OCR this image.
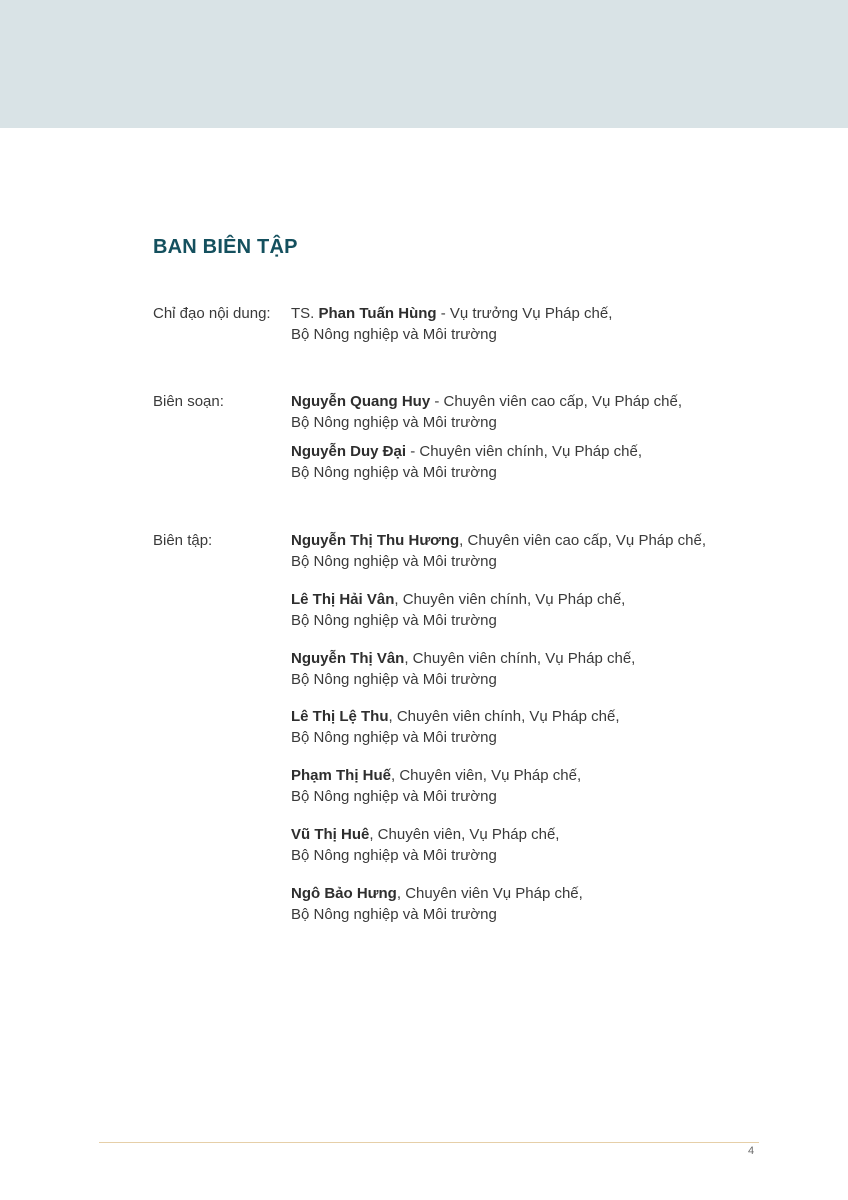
BAN BIÊN TẬP
Chỉ đạo nội dung: TS. Phan Tuấn Hùng - Vụ trưởng Vụ Pháp chế,
Bộ Nông nghiệp và Môi trường
Biên soạn:	Nguyễn Quang Huy - Chuyên viên cao cấp, Vụ Pháp chế,
Bộ Nông nghiệp và Môi trường
Nguyễn Duy Đại - Chuyên viên chính, Vụ Pháp chế,
Bộ Nông nghiệp và Môi trường
Biên tập:	Nguyễn Thị Thu Hương, Chuyên viên cao cấp, Vụ Pháp chế,
Bộ Nông nghiệp và Môi trường
Lê Thị Hải Vân, Chuyên viên chính, Vụ Pháp chế,
Bộ Nông nghiệp và Môi trường
Nguyễn Thị Vân, Chuyên viên chính, Vụ Pháp chế,
Bộ Nông nghiệp và Môi trường
Lê Thị Lệ Thu, Chuyên viên chính, Vụ Pháp chế,
Bộ Nông nghiệp và Môi trường
Phạm Thị Huế, Chuyên viên, Vụ Pháp chế,
Bộ Nông nghiệp và Môi trường
Vũ Thị Huê, Chuyên viên, Vụ Pháp chế,
Bộ Nông nghiệp và Môi trường
Ngô Bảo Hưng, Chuyên viên Vụ Pháp chế,
Bộ Nông nghiệp và Môi trường
4
